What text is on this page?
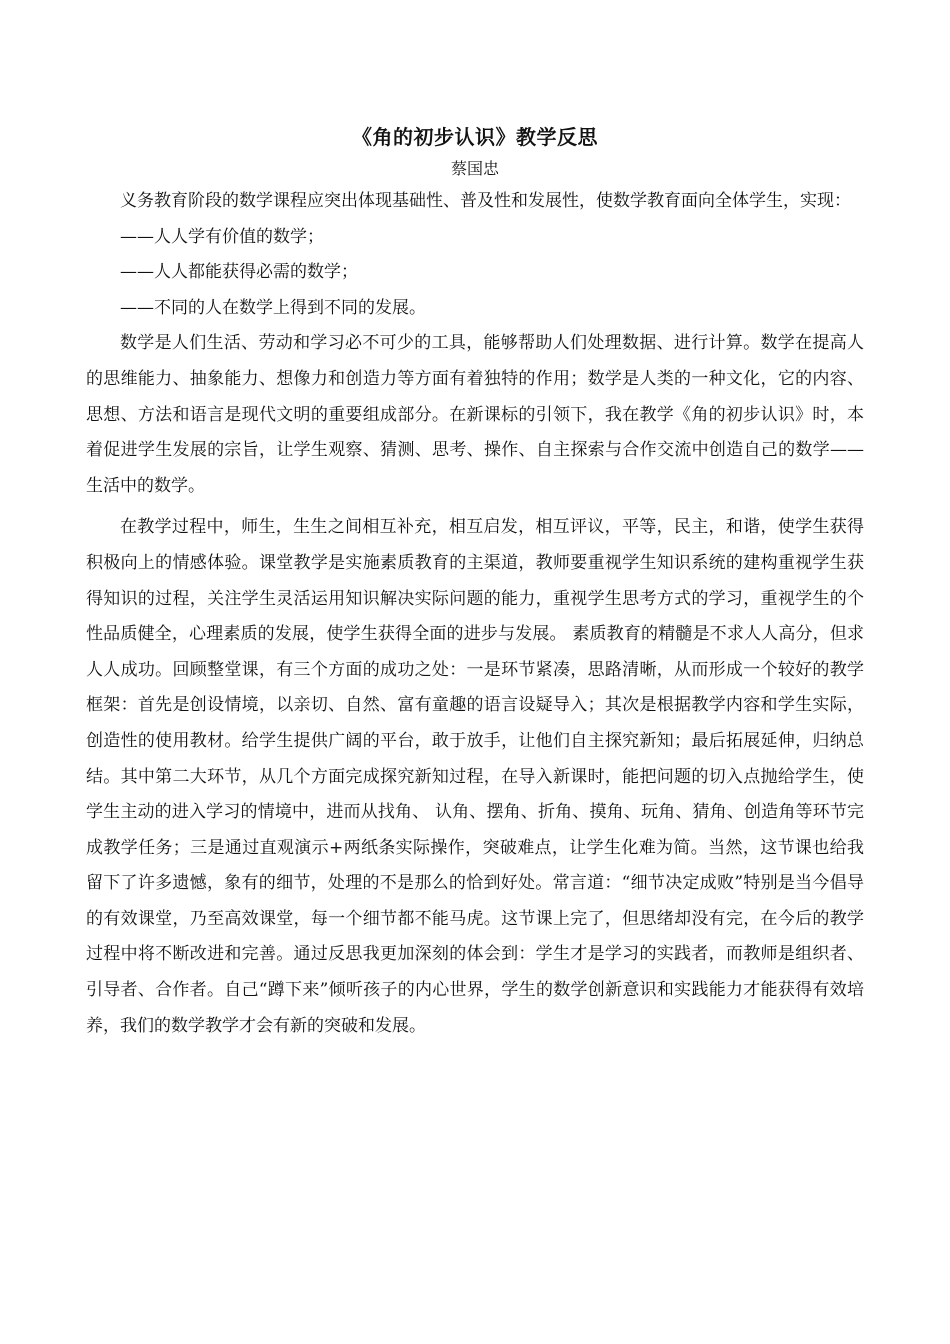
《角的初步认识》教学反思

蔡国忠

义务教育阶段的数学课程应突出体现基础性、普及性和发展性，使数学教育面向全体学生，实现：

——人人学有价值的数学；

——人人都能获得必需的数学；

——不同的人在数学上得到不同的发展。

数学是人们生活、劳动和学习必不可少的工具，能够帮助人们处理数据、进行计算。数学在提高人的思维能力、抽象能力、想像力和创造力等方面有着独特的作用；数学是人类的一种文化，它的内容、思想、方法和语言是现代文明的重要组成部分。在新课标的引领下，我在教学《角的初步认识》时，本着促进学生发展的宗旨，让学生观察、猜测、思考、操作、自主探索与合作交流中创造自己的数学——生活中的数学。

在教学过程中，师生，生生之间相互补充，相互启发，相互评议，平等，民主，和谐，使学生获得积极向上的情感体验。课堂教学是实施素质教育的主渠道，教师要重视学生知识系统的建构重视学生获得知识的过程，关注学生灵活运用知识解决实际问题的能力，重视学生思考方式的学习，重视学生的个性品质健全，心理素质的发展，使学生获得全面的进步与发展。 素质教育的精髓是不求人人高分，但求人人成功。回顾整堂课，有三个方面的成功之处：一是环节紧凑，思路清晰，从而形成一个较好的教学框架：首先是创设情境，以亲切、自然、富有童趣的语言设疑导入；其次是根据教学内容和学生实际，创造性的使用教材。给学生提供广阔的平台，敢于放手，让他们自主探究新知；最后拓展延伸，归纳总结。其中第二大环节，从几个方面完成探究新知过程，在导入新课时，能把问题的切入点抛给学生，使学生主动的进入学习的情境中，进而从找角、 认角、摆角、折角、摸角、玩角、猜角、创造角等环节完成教学任务；三是通过直观演示+两纸条实际操作，突破难点，让学生化难为简。当然，这节课也给我留下了许多遗憾，象有的细节，处理的不是那么的恰到好处。常言道：“细节决定成败”特别是当今倡导的有效课堂，乃至高效课堂，每一个细节都不能马虎。这节课上完了，但思绪却没有完，在今后的教学过程中将不断改进和完善。通过反思我更加深刻的体会到：学生才是学习的实践者，而教师是组织者、引导者、合作者。自己“蹲下来”倾听孩子的内心世界，学生的数学创新意识和实践能力才能获得有效培养，我们的数学教学才会有新的突破和发展。
